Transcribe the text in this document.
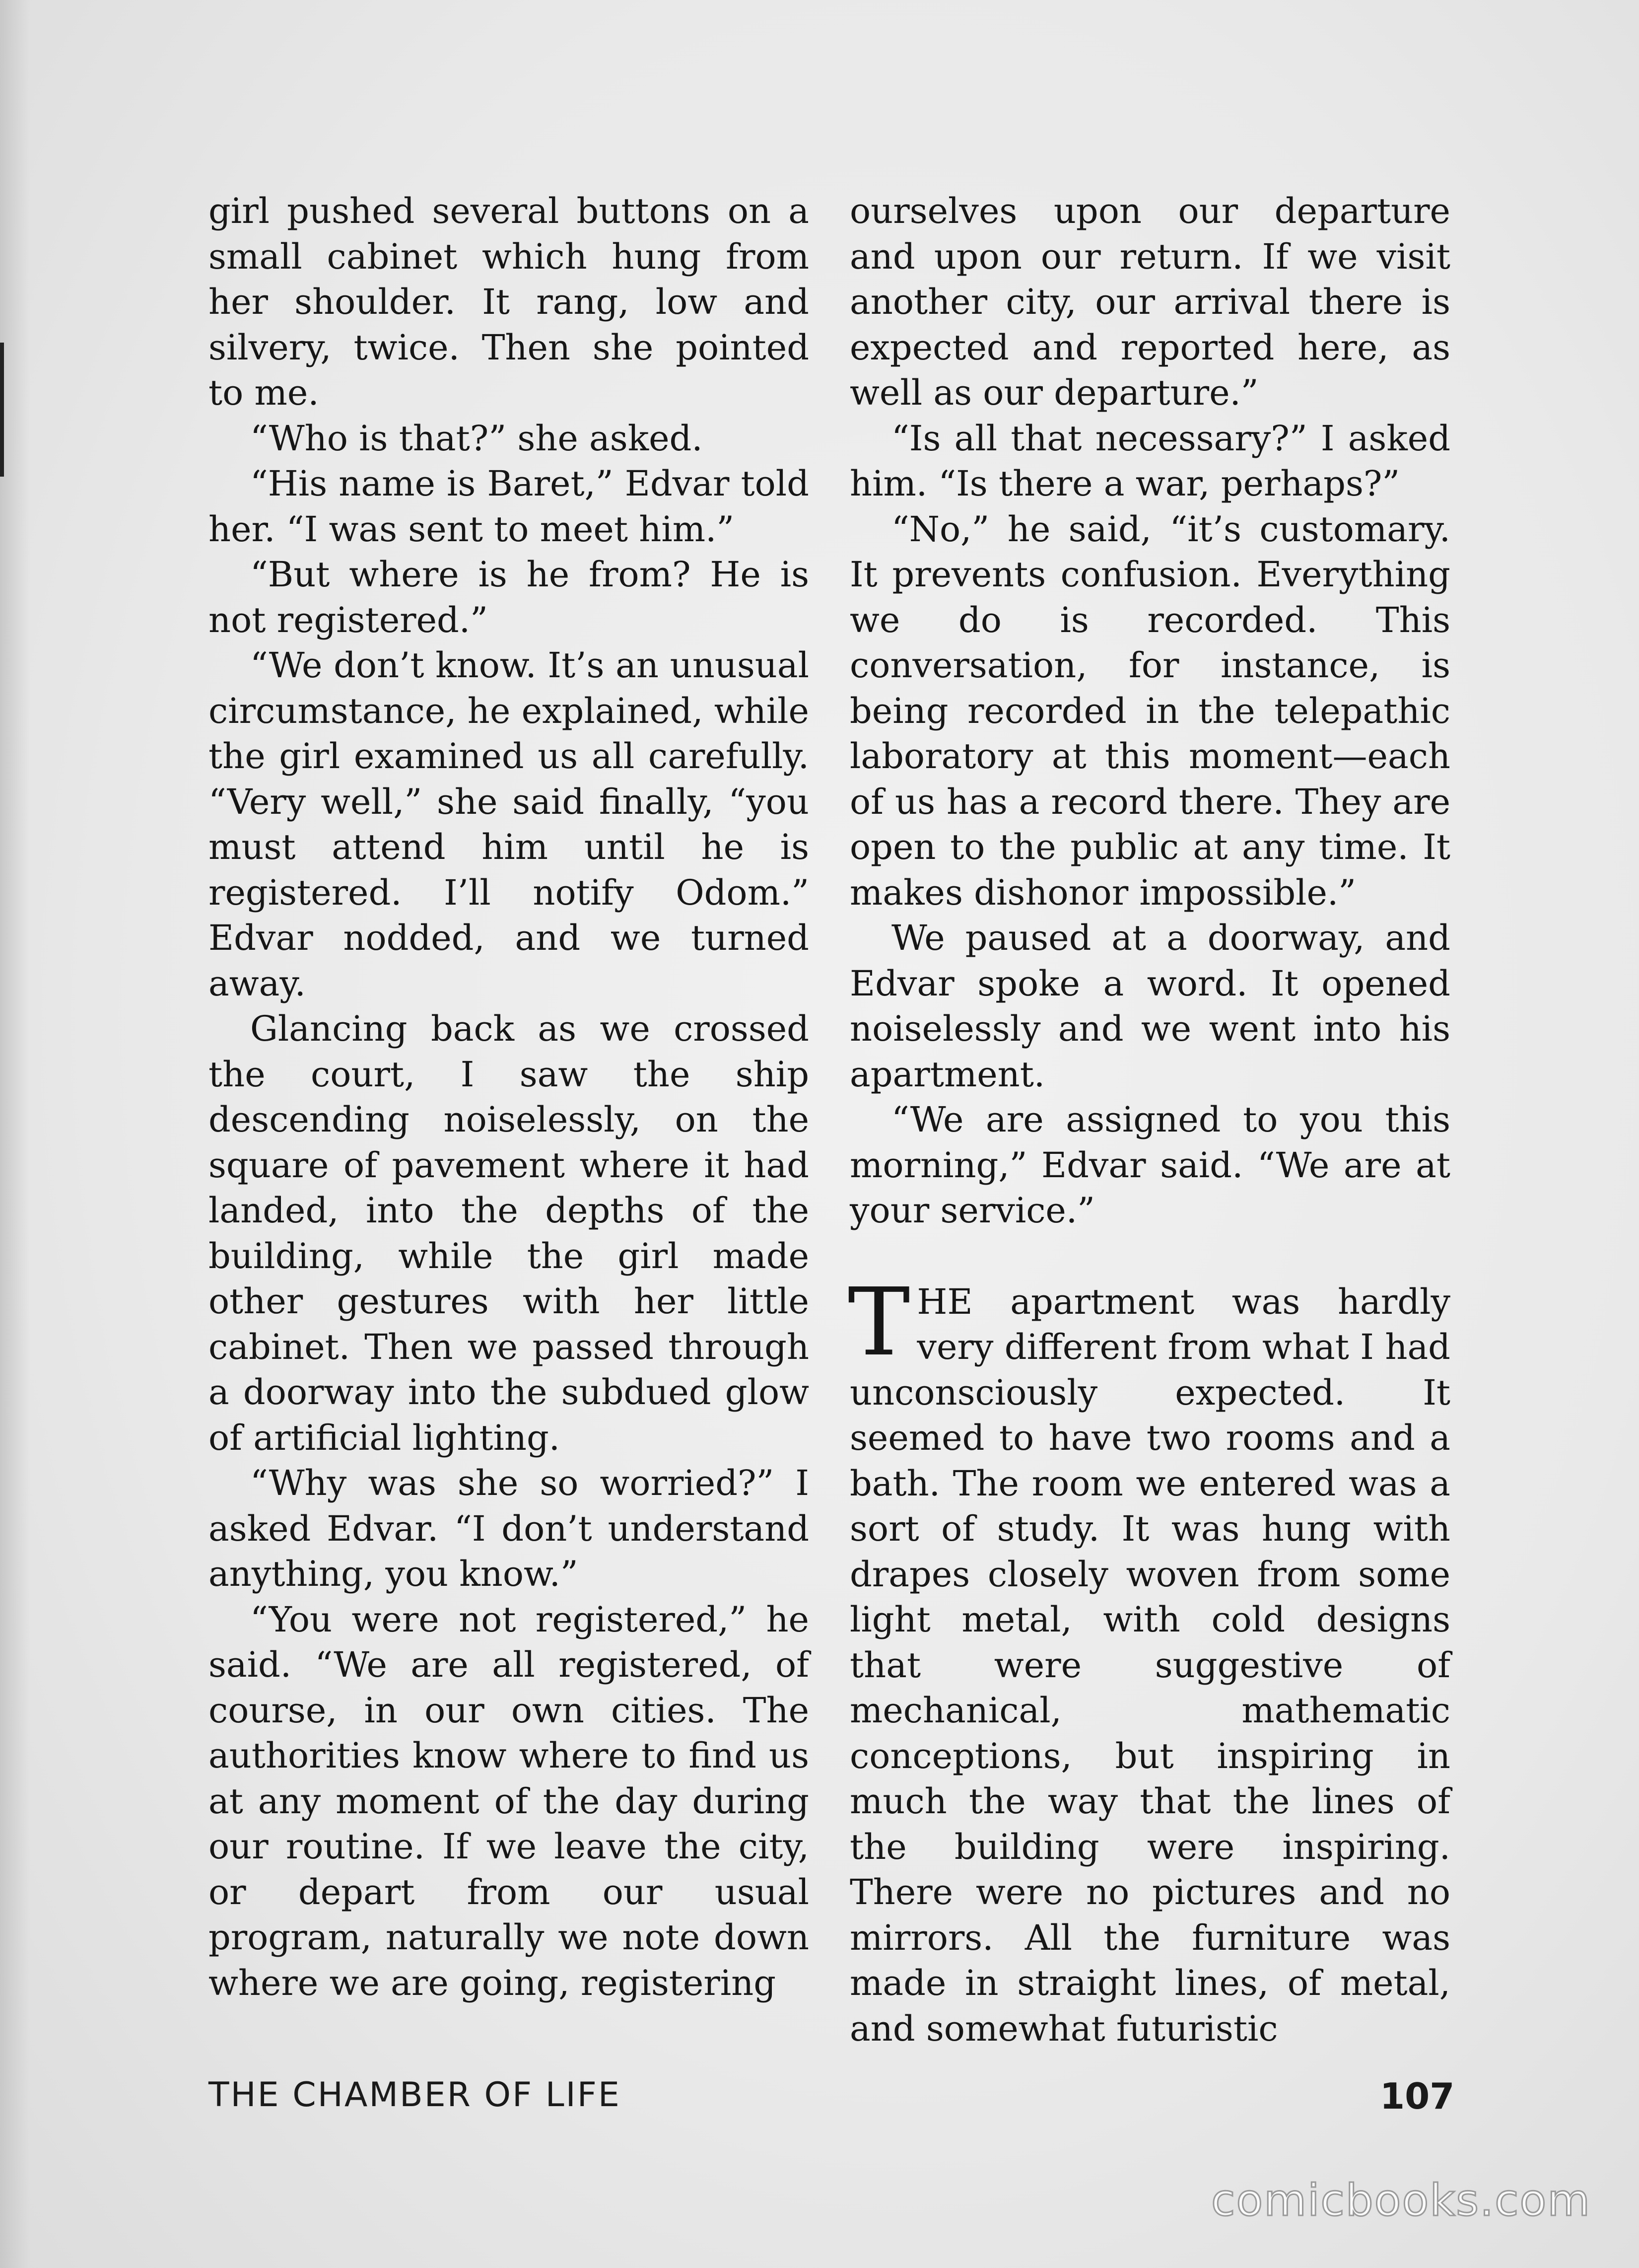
girl pushed several buttons on a small cabinet which hung from her shoulder. It rang, low and silvery, twice. Then she pointed to me.

“Who is that?” she asked.

“His name is Baret,” Edvar told her. “I was sent to meet him.”

“But where is he from? He is not registered.”

“We don’t know. It’s an unusual circumstance, he explained, while the girl examined us all carefully. “Very well,” she said finally, “you must attend him until he is registered. I’ll notify Odom.” Edvar nodded, and we turned away.

Glancing back as we crossed the court, I saw the ship descending noiselessly, on the square of pavement where it had landed, into the depths of the building, while the girl made other gestures with her little cabinet. Then we passed through a doorway into the subdued glow of artificial lighting.

“Why was she so worried?” I asked Edvar. “I don’t understand anything, you know.”

“You were not registered,” he said. “We are all registered, of course, in our own cities. The authorities know where to find us at any moment of the day during our routine. If we leave the city, or depart from our usual program, naturally we note down where we are going, registering

ourselves upon our departure and upon our return. If we visit another city, our arrival there is expected and reported here, as well as our departure.”

“Is all that necessary?” I asked him. “Is there a war, perhaps?”

“No,” he said, “it’s customary. It prevents confusion. Everything we do is recorded. This conversation, for instance, is being recorded in the telepathic laboratory at this moment—each of us has a record there. They are open to the public at any time. It makes dishonor impossible.”

We paused at a doorway, and Edvar spoke a word. It opened noiselessly and we went into his apartment.

“We are assigned to you this morning,” Edvar said. “We are at your service.”

THE apartment was hardly very different from what I had unconsciously expected. It seemed to have two rooms and a bath. The room we entered was a sort of study. It was hung with drapes closely woven from some light metal, with cold designs that were suggestive of mechanical, mathematic conceptions, but inspiring in much the way that the lines of the building were inspiring. There were no pictures and no mirrors. All the furniture was made in straight lines, of metal, and somewhat futuristic

THE CHAMBER OF LIFE	107
comicbooks.com
